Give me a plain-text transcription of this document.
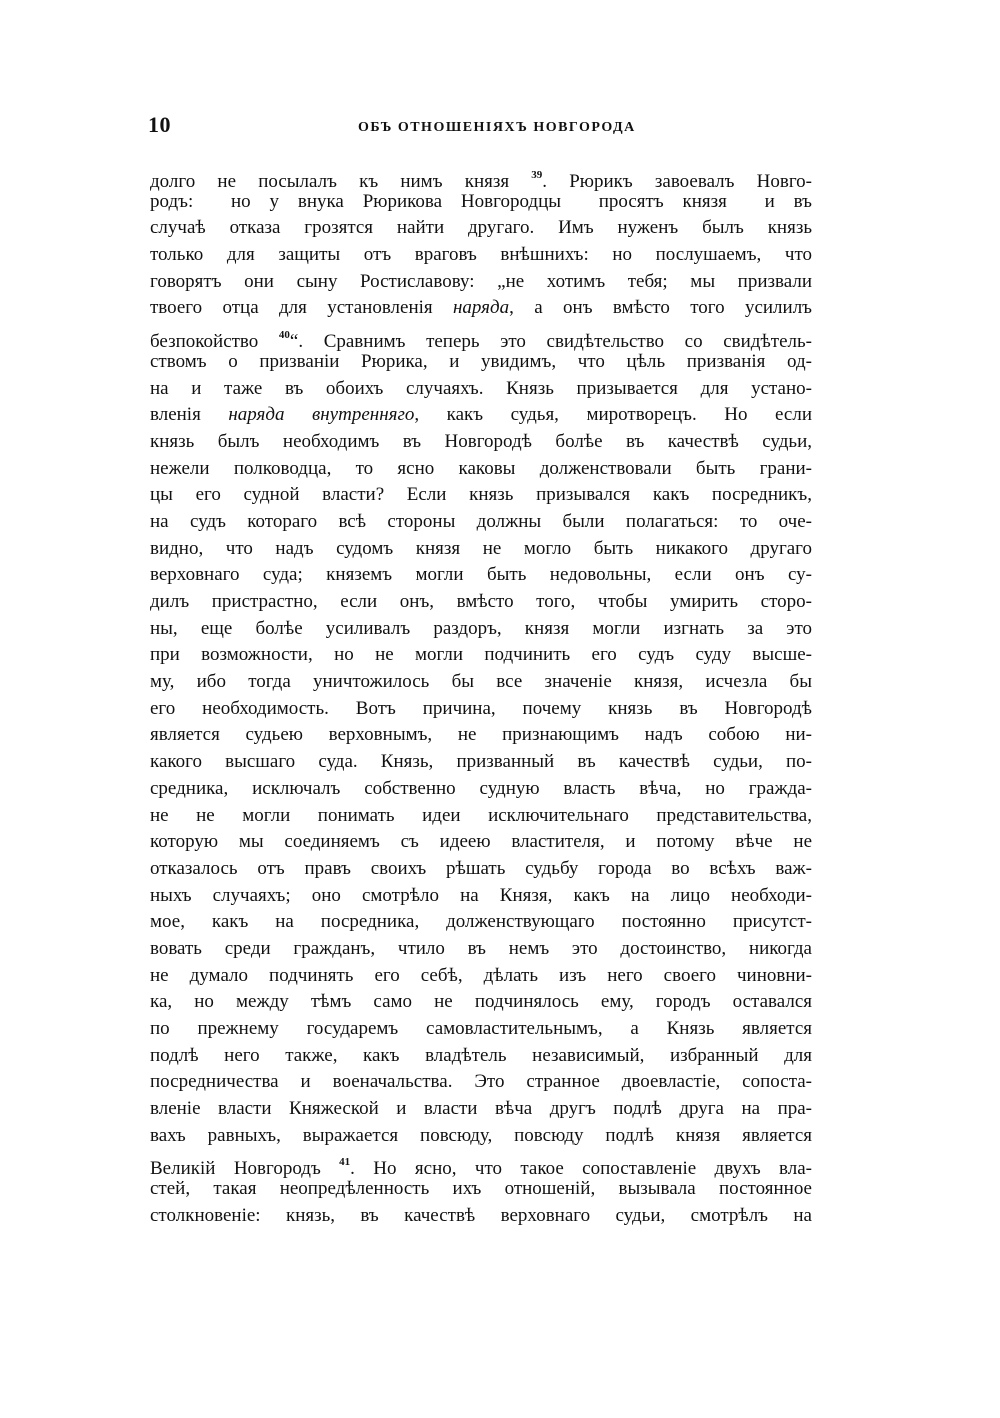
10	ОБЪ ОТНОШЕНІЯХЪ НОВГОРОДА
долго не посылалъ къ нимъ князя $^{39}$. Рюрикъ завоевалъ Новго-
родъ:  но у внука Рюрикова Новгородцы  просятъ князя  и въ
случаѣ отказа грозятся найти другаго. Имъ нуженъ былъ князь
только для защиты отъ враговъ внѣшнихъ: но послушаемъ, что
говорятъ они сыну Ростиславову: „не хотимъ тебя; мы призвали
твоего отца для установленія наряда, а онъ вмѣсто того усилилъ
безпокойство $^{40}$“. Сравнимъ теперь это свидѣтельство со свидѣтель-
ствомъ о призваніи Рюрика, и увидимъ, что цѣль призванія од-
на и таже въ обоихъ случаяхъ. Князь призывается для устано-
вленія наряда внутренняго, какъ судья, миротворецъ. Но если
князь былъ необходимъ въ Новгородѣ болѣе въ качествѣ судьи,
нежели полководца, то ясно каковы долженствовали быть грани-
цы его судной власти? Если князь призывался какъ посредникъ,
на судъ котораго всѣ стороны должны были полагаться: то оче-
видно, что надъ судомъ князя не могло быть никакого другаго
верховнаго суда; княземъ могли быть недовольны, если онъ су-
дилъ пристрастно, если онъ, вмѣсто того, чтобы умирить сторо-
ны, еще болѣе усиливалъ раздоръ, князя могли изгнать за это
при возможности, но не могли подчинить его судъ суду высше-
му, ибо тогда уничтожилось бы все значеніе князя, исчезла бы
его необходимость. Вотъ причина, почему князь въ Новгородѣ
является судьею верховнымъ, не признающимъ надъ собою ни-
какого высшаго суда. Князь, призванный въ качествѣ судьи, по-
средника, исключалъ собственно судную власть вѣча, но гражда-
не не могли понимать идеи исключительнаго представительства,
которую мы соединяемъ съ идеею властителя, и потому вѣче не
отказалось отъ правъ своихъ рѣшать судьбу города во всѣхъ важ-
ныхъ случаяхъ; оно смотрѣло на Князя, какъ на лицо необходи-
мое, какъ на посредника, долженствующаго постоянно присутст-
вовать среди гражданъ, чтило въ немъ это достоинство, никогда
не думало подчинять его себѣ, дѣлать изъ него своего чиновни-
ка, но между тѣмъ само не подчинялось ему, городъ оставался
по прежнему государемъ самовластительнымъ, а Князь является
подлѣ него также, какъ владѣтель независимый, избранный для
посредничества и военачальства. Это странное двоевластіе, сопоста-
вленіе власти Княжеской и власти вѣча другъ подлѣ друга на пра-
вахъ равныхъ, выражается повсюду, повсюду подлѣ князя является
Великій Новгородъ $^{41}$. Но ясно, что такое сопоставленіе двухъ вла-
стей, такая неопредѣленность ихъ отношеній, вызывала постоянное
столкновеніе: князь, въ качествѣ верховнаго судьи, смотрѣлъ на
